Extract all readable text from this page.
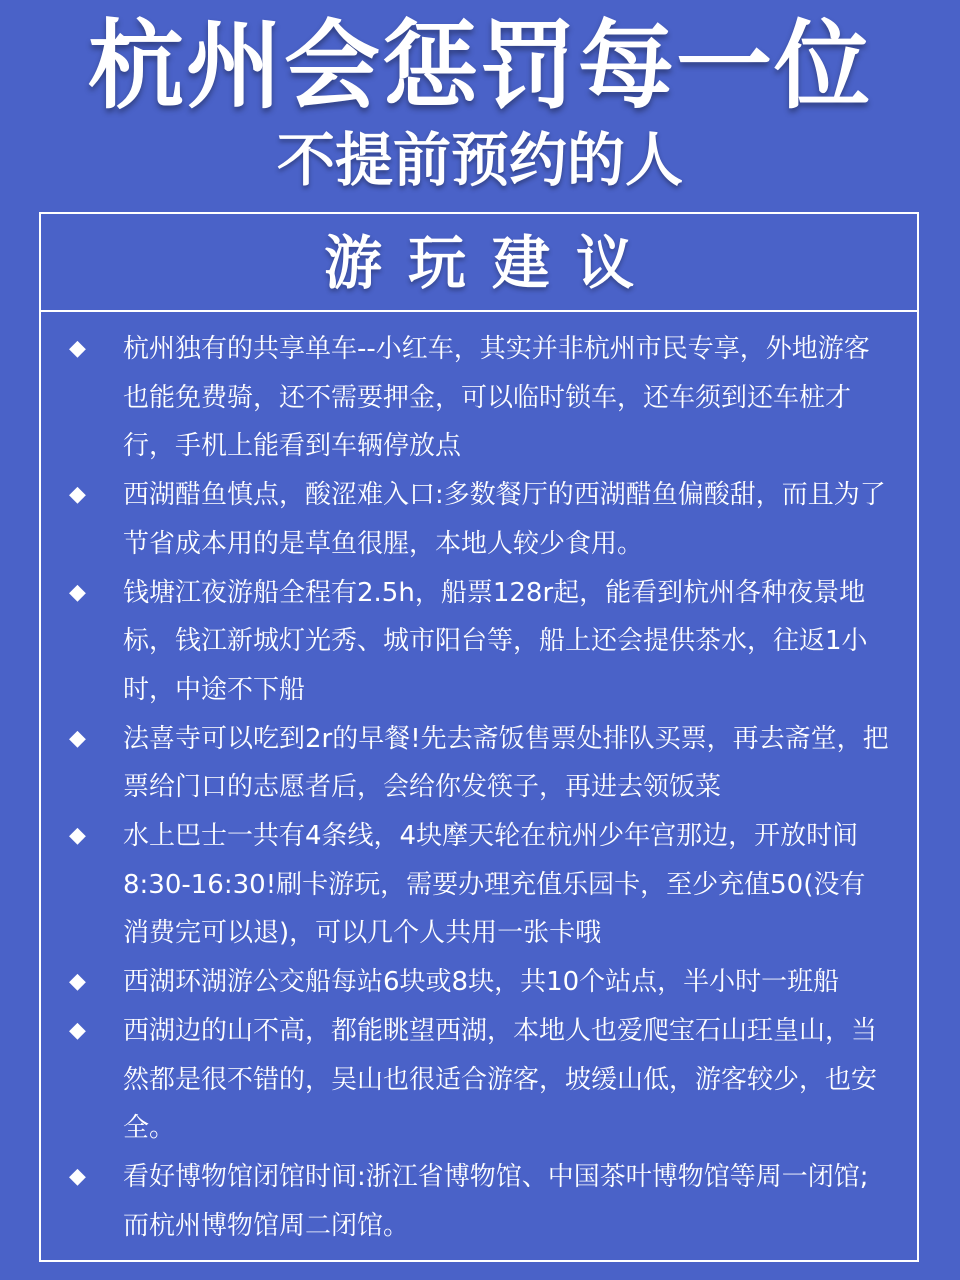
杭州会惩罚每一位
不提前预约的人
游玩建议
◆ 杭州独有的共享单车--小红车，其实并非杭州市民专享，外地游客也能免费骑，还不需要押金，可以临时锁车，还车须到还车桩才行，手机上能看到车辆停放点
◆ 西湖醋鱼慎点，酸涩难入口:多数餐厅的西湖醋鱼偏酸甜，而且为了节省成本用的是草鱼很腥，本地人较少食用。
◆ 钱塘江夜游船全程有2.5h，船票128r起，能看到杭州各种夜景地标，钱江新城灯光秀、城市阳台等，船上还会提供茶水，往返1小时，中途不下船
◆ 法喜寺可以吃到2r的早餐!先去斋饭售票处排队买票，再去斋堂，把票给门口的志愿者后，会给你发筷子，再进去领饭菜
◆ 水上巴士一共有4条线，4块摩天轮在杭州少年宫那边，开放时间8:30-16:30!刷卡游玩，需要办理充值乐园卡，至少充值50(没有消费完可以退)，可以几个人共用一张卡哦
◆ 西湖环湖游公交船每站6块或8块，共10个站点，半小时一班船
◆ 西湖边的山不高，都能眺望西湖，本地人也爱爬宝石山玨皇山，当然都是很不错的，吴山也很适合游客，坡缓山低，游客较少，也安全。
◆ 看好博物馆闭馆时间:浙江省博物馆、中国茶叶博物馆等周一闭馆;而杭州博物馆周二闭馆。
